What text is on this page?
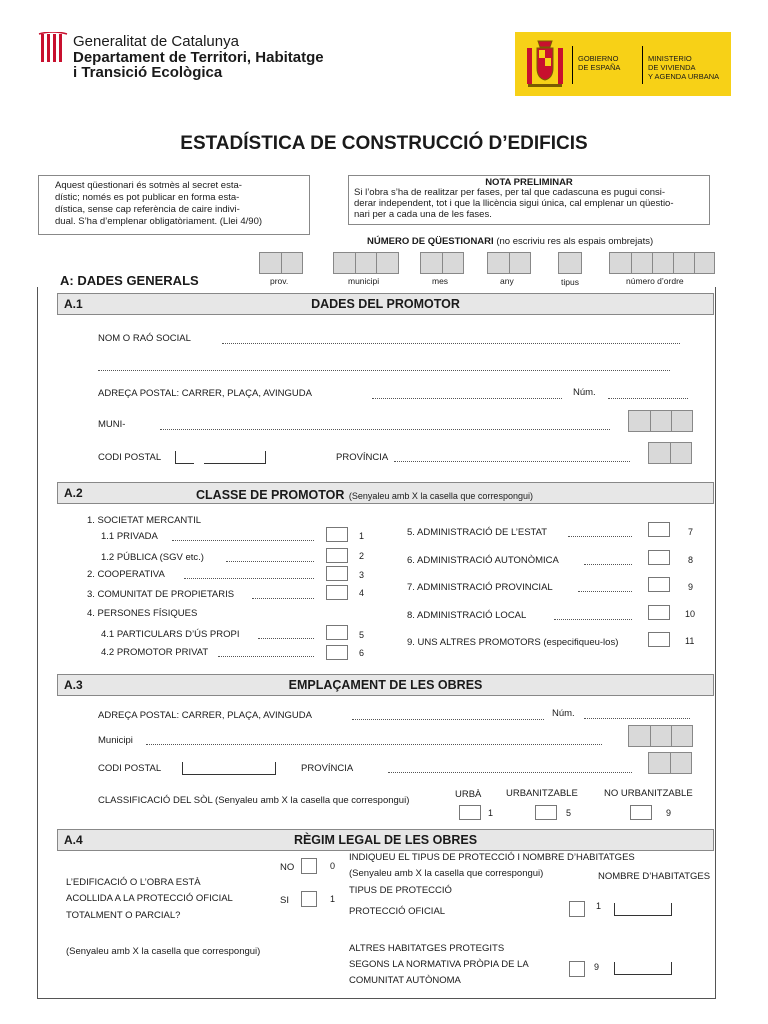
Generalitat de Catalunya
Departament de Territori, Habitatge
i Transició Ecològica
GOBIERNO
DE ESPAÑA
MINISTERIO
DE VIVIENDA
Y AGENDA URBANA
ESTADÍSTICA DE CONSTRUCCIÓ D’EDIFICIS
Aquest qüestionari és sotmès al secret esta-
dístic; només es pot publicar en forma esta-
dística, sense cap referència de caire indivi-
dual. S’ha d’emplenar obligatòriament. (Llei 4/90)
NOTA PRELIMINAR
Si l’obra s’ha de realitzar per fases, per tal que cadascuna es pugui consi-
derar independent, tot i que la llicència sigui única, cal emplenar un qüestio-
nari per a cada una de les fases.
NÚMERO DE QÜESTIONARI (no escriviu res als espais ombrejats)
prov.	municipi	mes	any	tipus	número d’ordre
A: DADES GENERALS
A.1	DADES DEL PROMOTOR
NOM O RAÓ SOCIAL
ADREÇA POSTAL: CARRER, PLAÇA, AVINGUDA	Núm.
MUNI-
CODI POSTAL	PROVÍNCIA
A.2	CLASSE DE PROMOTOR (Senyaleu amb X la casella que correspongui)
1. SOCIETAT MERCANTIL
1.1 PRIVADA	1
1.2 PÚBLICA (SGV etc.)	2
2. COOPERATIVA	3
3. COMUNITAT DE PROPIETARIS	4
4. PERSONES FÍSIQUES
4.1 PARTICULARS D’ÚS PROPI	5
4.2 PROMOTOR PRIVAT	6
5. ADMINISTRACIÓ DE L’ESTAT	7
6. ADMINISTRACIÓ AUTONÒMICA	8
7. ADMINISTRACIÓ PROVINCIAL	9
8. ADMINISTRACIÓ LOCAL	10
9. UNS ALTRES PROMOTORS (especifiqueu-los)	11
A.3	EMPLAÇAMENT DE LES OBRES
ADREÇA POSTAL: CARRER, PLAÇA, AVINGUDA	Núm.
Municipi
CODI POSTAL	PROVÍNCIA
CLASSIFICACIÓ DEL SÒL (Senyaleu amb X la casella que correspongui)
URBÀ
1
URBANITZABLE
5
NO URBANITZABLE
9
A.4	RÈGIM LEGAL DE LES OBRES
NO	0
L’EDIFICACIÓ O L’OBRA ESTÀ
ACOLLIDA A LA PROTECCIÓ OFICIAL
TOTALMENT O PARCIAL?
SI	1
(Senyaleu amb X la casella que correspongui)
INDIQUEU EL TIPUS DE PROTECCIÓ I NOMBRE D’HABITATGES
(Senyaleu amb X la casella que correspongui)	NOMBRE D’HABITATGES
TIPUS DE PROTECCIÓ
PROTECCIÓ OFICIAL	1
ALTRES HABITATGES PROTEGITS
SEGONS LA NORMATIVA PRÒPIA DE LA
COMUNITAT AUTÒNOMA
9
